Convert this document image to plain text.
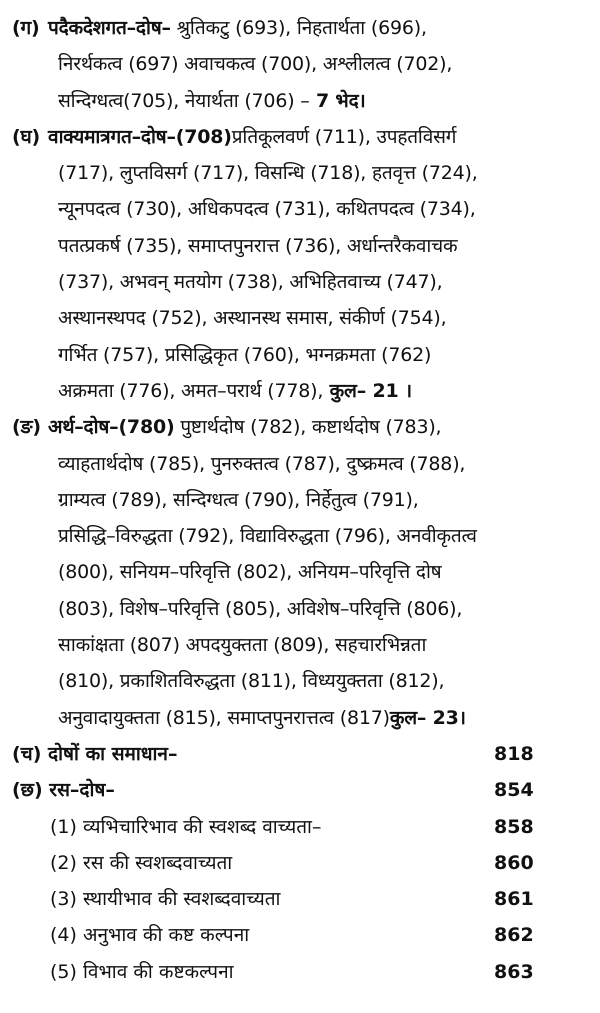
(ग) पदैकदेशगत–दोष– श्रुतिकटु (693), निहतार्थता (696),
निरर्थकत्व (697) अवाचकत्व (700), अश्लीलत्व (702),
सन्दिग्धत्व(705), नेयार्थता (706) – 7 भेद।
(घ) वाक्यमात्रगत–दोष–(708)प्रतिकूलवर्ण (711), उपहतविसर्ग
(717), लुप्तविसर्ग (717), विसन्धि (718), हतवृत्त (724),
न्यूनपदत्व (730), अधिकपदत्व (731), कथितपदत्व (734),
पतत्प्रकर्ष (735), समाप्तपुनरात्त (736), अर्धान्तरैकवाचक
(737), अभवन् मतयोग (738), अभिहितवाच्य (747),
अस्थानस्थपद (752), अस्थानस्थ समास, संकीर्ण (754),
गर्भित (757), प्रसिद्धिकृत (760), भग्नक्रमता (762)
अक्रमता (776), अमत–परार्थ (778), कुल– 21 ।
(ङ) अर्थ–दोष–(780) पुष्टार्थदोष (782), कष्टार्थदोष (783),
व्याहतार्थदोष (785), पुनरुक्तत्व (787), दुष्क्रमत्व (788),
ग्राम्यत्व (789), सन्दिग्धत्व (790), निर्हेतुत्व (791),
प्रसिद्धि–विरुद्धता (792), विद्याविरुद्धता (796), अनवीकृतत्व
(800), सनियम–परिवृत्ति (802), अनियम–परिवृत्ति दोष
(803), विशेष–परिवृत्ति (805), अविशेष–परिवृत्ति (806),
साकांक्षता (807) अपदयुक्तता (809), सहचारभिन्नता
(810), प्रकाशितविरुद्धता (811), विध्ययुक्तता (812),
अनुवादायुक्तता (815), समाप्तपुनरात्तत्व (817)कुल– 23।
(च) दोषों का समाधान–	818
(छ) रस–दोष–	854
(1) व्यभिचारिभाव की स्वशब्द वाच्यता–	858
(2) रस की स्वशब्दवाच्यता	860
(3) स्थायीभाव की स्वशब्दवाच्यता	861
(4) अनुभाव की कष्ट कल्पना	862
(5) विभाव की कष्टकल्पना	863
